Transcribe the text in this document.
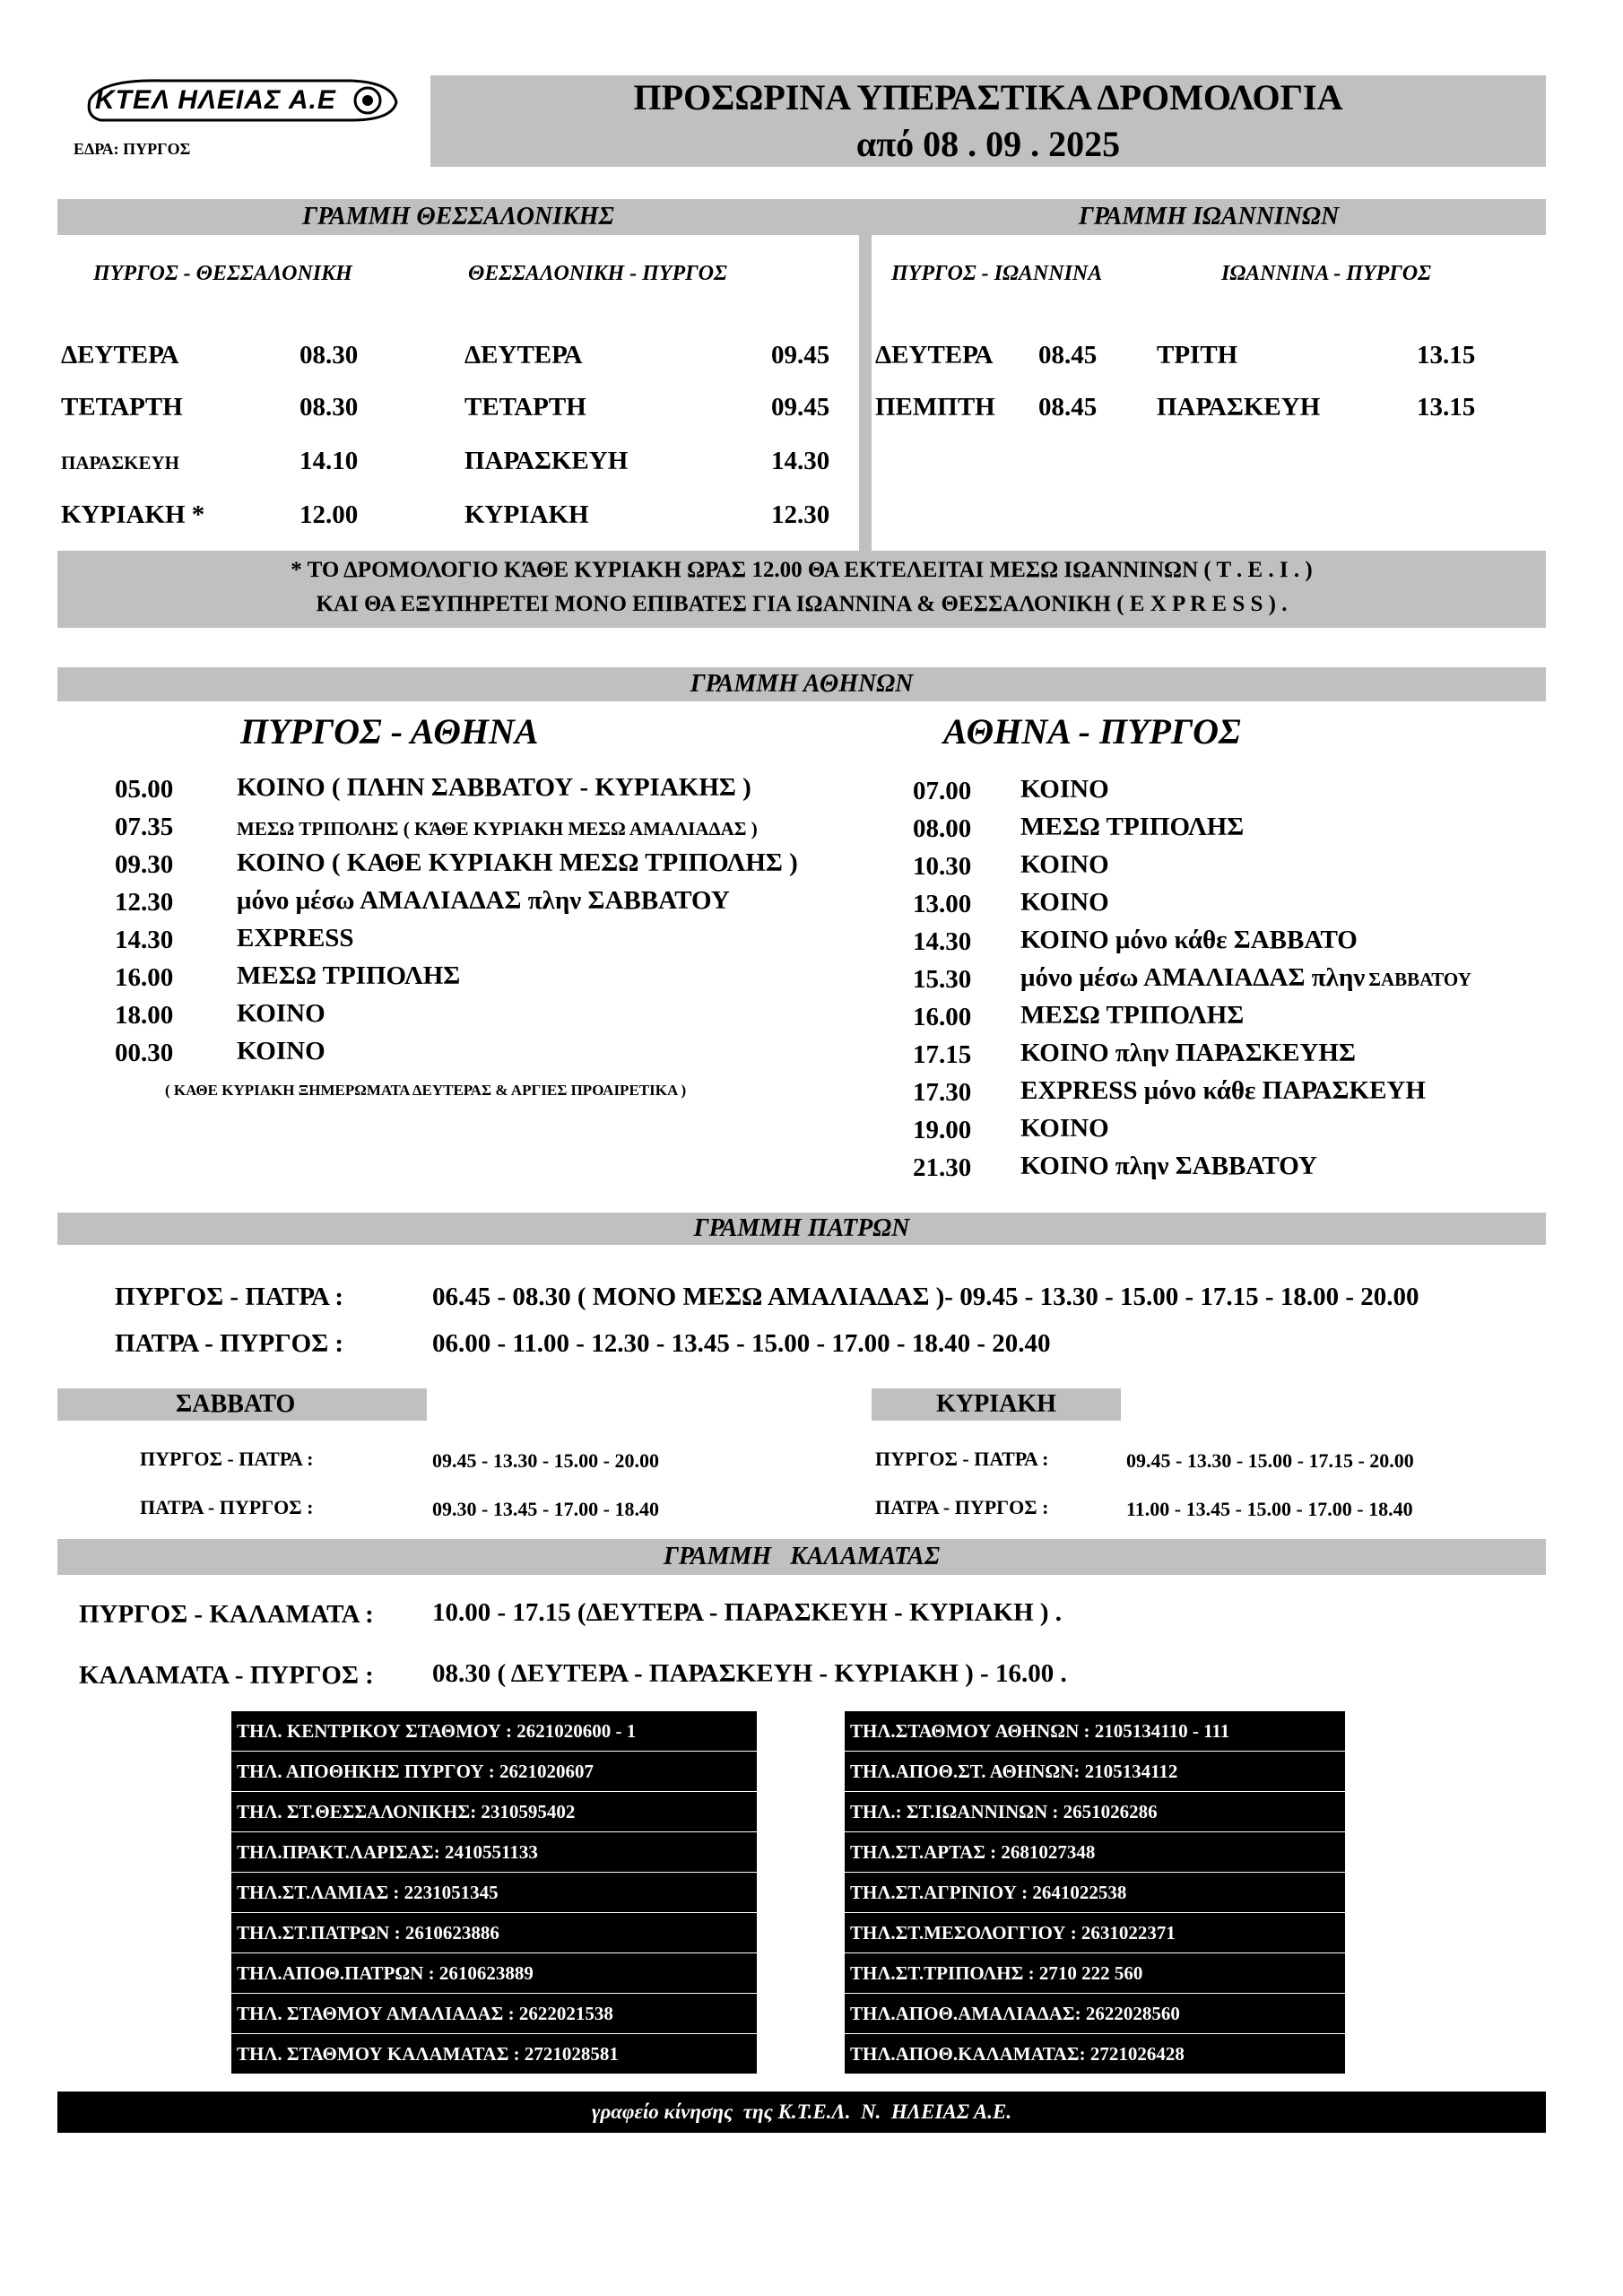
ΚΤΕΛ ΗΛΕΙΑΣ Α.Ε
ΕΔΡΑ: ΠΥΡΓΟΣ
ΠΡΟΣΩΡΙΝΑ ΥΠΕΡΑΣΤΙΚΑ ΔΡΟΜΟΛΟΓΙΑ
από 08 . 09 . 2025
ΓΡΑΜΜΗ ΘΕΣΣΑΛΟΝΙΚΗΣ	ΓΡΑΜΜΗ ΙΩΑΝΝΙΝΩΝ
ΠΥΡΓΟΣ - ΘΕΣΣΑΛΟΝΙΚΗ	ΘΕΣΣΑΛΟΝΙΚΗ - ΠΥΡΓΟΣ	ΠΥΡΓΟΣ - ΙΩΑΝΝΙΝΑ	ΙΩΑΝΝΙΝΑ - ΠΥΡΓΟΣ
ΔΕΥΤΕΡΑ	08.30	ΔΕΥΤΕΡΑ	09.45
ΤΕΤΑΡΤΗ	08.30	ΤΕΤΑΡΤΗ	09.45
ΠΑΡΑΣΚΕΥΗ	14.10	ΠΑΡΑΣΚΕΥΗ	14.30
ΚΥΡΙΑΚΗ *	12.00	ΚΥΡΙΑΚΗ	12.30
ΔΕΥΤΕΡΑ 08.45 ΤΡΙΤΗ	13.15
ΠΕΜΠΤΗ 08.45 ΠΑΡΑΣΚΕΥΗ	13.15
* ΤΟ ΔΡΟΜΟΛΟΓΙΟ ΚΆΘΕ ΚΥΡΙΑΚΗ ΩΡΑΣ 12.00 ΘΑ ΕΚΤΕΛΕΙΤΑΙ ΜΕΣΩ ΙΩΑΝΝΙΝΩΝ ( Τ . Ε . Ι . )
ΚΑΙ ΘΑ ΕΞΥΠΗΡΕΤΕΙ ΜΟΝΟ ΕΠΙΒΑΤΕΣ ΓΙΑ ΙΩΑΝΝΙΝΑ & ΘΕΣΣΑΛΟΝΙΚΗ ( E X P R E S S ) .
ΓΡΑΜΜΗ ΑΘΗΝΩΝ
ΠΥΡΓΟΣ - ΑΘΗΝΑ	ΑΘΗΝΑ - ΠΥΡΓΟΣ
05.00 ΚΟΙΝΟ ( ΠΛΗΝ ΣΑΒΒΑΤΟΥ - ΚΥΡΙΑΚΗΣ )
07.35	ΜΕΣΩ ΤΡΙΠΟΛΗΣ ( ΚΆΘΕ ΚΥΡΙΑΚΗ ΜΕΣΩ ΑΜΑΛΙΑΔΑΣ )
09.30 ΚΟΙΝΟ ( ΚΑΘΕ ΚΥΡΙΑΚΗ ΜΕΣΩ ΤΡΙΠΟΛΗΣ )
12.30 μόνο μέσω ΑΜΑΛΙΑΔΑΣ πλην ΣΑΒΒΑΤΟΥ
14.30 EXPRESS
16.00 ΜΕΣΩ ΤΡΙΠΟΛΗΣ
18.00 ΚΟΙΝΟ
00.30 ΚΟΙΝΟ
( ΚΑΘΕ ΚΥΡΙΑΚΗ ΞΗΜΕΡΩΜΑΤΑ ΔΕΥΤΕΡΑΣ & ΑΡΓΙΕΣ ΠΡΟΑΙΡΕΤΙΚΑ )
07.00 ΚΟΙΝΟ
08.00 ΜΕΣΩ ΤΡΙΠΟΛΗΣ
10.30 ΚΟΙΝΟ
13.00 ΚΟΙΝΟ
14.30 ΚΟΙΝΟ μόνο κάθε ΣΑΒΒΑΤΟ
15.30 μόνο μέσω ΑΜΑΛΙΑΔΑΣ πλην ΣΑΒΒΑΤΟΥ
16.00 ΜΕΣΩ ΤΡΙΠΟΛΗΣ
17.15 ΚΟΙΝΟ πλην ΠΑΡΑΣΚΕΥΗΣ
17.30 EXPRESS μόνο κάθε ΠΑΡΑΣΚΕΥΗ
19.00 ΚΟΙΝΟ
21.30 ΚΟΙΝΟ πλην ΣΑΒΒΑΤΟΥ
ΓΡΑΜΜΗ ΠΑΤΡΩΝ
ΠΥΡΓΟΣ - ΠΑΤΡΑ :	06.45 - 08.30 ( ΜΟΝΟ ΜΕΣΩ ΑΜΑΛΙΑΔΑΣ )- 09.45 - 13.30 - 15.00 - 17.15 - 18.00 - 20.00
ΠΑΤΡΑ - ΠΥΡΓΟΣ :	06.00 - 11.00 - 12.30 - 13.45 - 15.00 - 17.00 - 18.40 - 20.40
ΣΑΒΒΑΤΟ	ΚΥΡΙΑΚΗ
ΠΥΡΓΟΣ - ΠΑΤΡΑ :	09.45 - 13.30 - 15.00 - 20.00
ΠΑΤΡΑ - ΠΥΡΓΟΣ :	09.30 - 13.45 - 17.00 - 18.40
ΠΥΡΓΟΣ - ΠΑΤΡΑ :	09.45 - 13.30 - 15.00 - 17.15 - 20.00
ΠΑΤΡΑ - ΠΥΡΓΟΣ :	11.00 - 13.45 - 15.00 - 17.00 - 18.40
ΓΡΑΜΜΗ   ΚΑΛΑΜΑΤΑΣ
ΠΥΡΓΟΣ - ΚΑΛΑΜΑΤΑ : 10.00 - 17.15 (ΔΕΥΤΕΡΑ - ΠΑΡΑΣΚΕΥΗ - ΚΥΡΙΑΚΗ ) .
ΚΑΛΑΜΑΤΑ - ΠΥΡΓΟΣ : 08.30 ( ΔΕΥΤΕΡΑ - ΠΑΡΑΣΚΕΥΗ - ΚΥΡΙΑΚΗ ) - 16.00 .
ΤΗΛ. ΚΕΝΤΡΙΚΟΥ ΣΤΑΘΜΟΥ : 2621020600 - 1
ΤΗΛ. ΑΠΟΘΗΚΗΣ ΠΥΡΓΟΥ : 2621020607
ΤΗΛ. ΣΤ.ΘΕΣΣΑΛΟΝΙΚΗΣ: 2310595402
ΤΗΛ.ΠΡΑΚΤ.ΛΑΡΙΣΑΣ: 2410551133
ΤΗΛ.ΣΤ.ΛΑΜΙΑΣ : 2231051345
ΤΗΛ.ΣΤ.ΠΑΤΡΩΝ : 2610623886
ΤΗΛ.ΑΠΟΘ.ΠΑΤΡΩΝ : 2610623889
ΤΗΛ. ΣΤΑΘΜΟΥ ΑΜΑΛΙΑΔΑΣ : 2622021538
ΤΗΛ. ΣΤΑΘΜΟΥ ΚΑΛΑΜΑΤΑΣ : 2721028581
ΤΗΛ.ΣΤΑΘΜΟΥ ΑΘΗΝΩΝ : 2105134110 - 111
ΤΗΛ.ΑΠΟΘ.ΣΤ. ΑΘΗΝΩΝ: 2105134112
ΤΗΛ.: ΣΤ.ΙΩΑΝΝΙΝΩΝ : 2651026286
ΤΗΛ.ΣΤ.ΑΡΤΑΣ : 2681027348
ΤΗΛ.ΣΤ.ΑΓΡΙΝΙΟΥ : 2641022538
ΤΗΛ.ΣΤ.ΜΕΣΟΛΟΓΓΙΟΥ : 2631022371
ΤΗΛ.ΣΤ.ΤΡΙΠΟΛΗΣ : 2710 222 560
ΤΗΛ.ΑΠΟΘ.ΑΜΑΛΙΑΔΑΣ: 2622028560
ΤΗΛ.ΑΠΟΘ.ΚΑΛΑΜΑΤΑΣ: 2721026428
γραφείο κίνησης  της Κ.Τ.Ε.Λ.  Ν.  ΗΛΕΙΑΣ Α.Ε.
